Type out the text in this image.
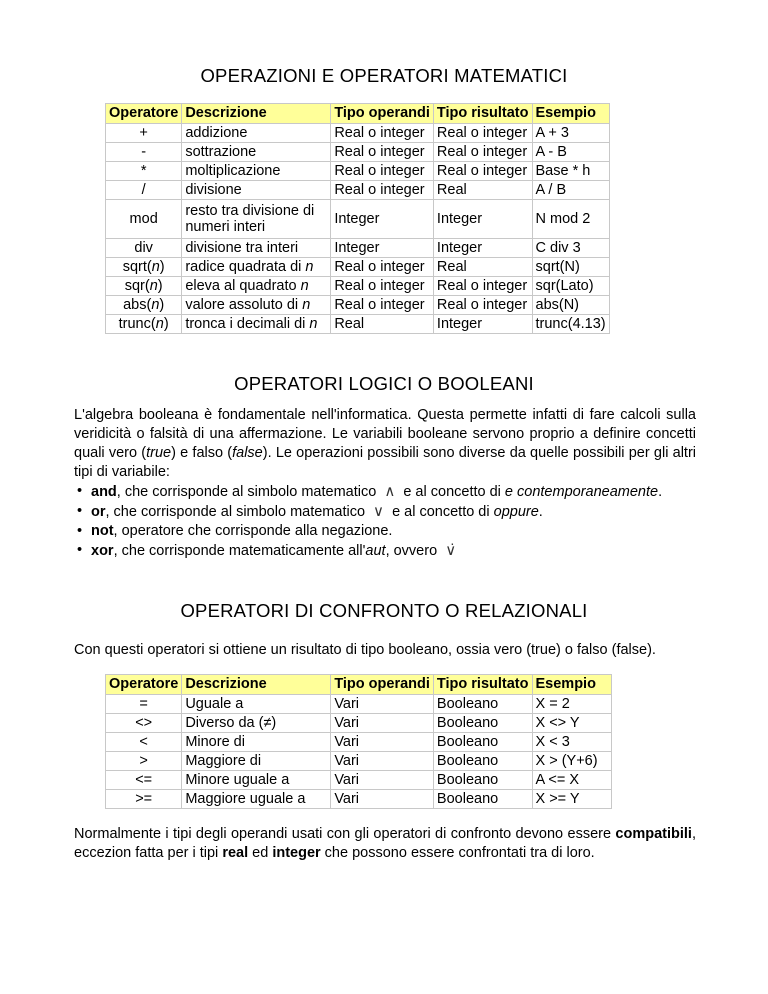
OPERAZIONI E OPERATORI MATEMATICI
Operatore	Descrizione	Tipo operandi	Tipo risultato	Esempio
+	addizione	Real o integer	Real o integer	A + 3
-	sottrazione	Real o integer	Real o integer	A - B
*	moltiplicazione	Real o integer	Real o integer	Base * h
/	divisione	Real o integer	Real	A / B
mod	resto tra divisione di numeri interi	Integer	Integer	N mod 2
div	divisione tra interi	Integer	Integer	C div 3
sqrt(n)	radice quadrata di n	Real o integer	Real	sqrt(N)
sqr(n)	eleva al quadrato n	Real o integer	Real o integer	sqr(Lato)
abs(n)	valore assoluto di n	Real o integer	Real o integer	abs(N)
trunc(n)	tronca i decimali di n	Real	Integer	trunc(4.13)
OPERATORI LOGICI O BOOLEANI

L'algebra booleana è fondamentale nell'informatica. Questa permette infatti di fare calcoli sulla veridicità o falsità di una affermazione. Le variabili booleane servono proprio a definire concetti quali vero (true) e falso (false). Le operazioni possibili sono diverse da quelle possibili per gli altri tipi di variabile:

• and, che corrisponde al simbolo matematico ∧ e al concetto di e contemporaneamente.
• or, che corrisponde al simbolo matematico ∨ e al concetto di oppure.
• not, operatore che corrisponde alla negazione.
• xor, che corrisponde matematicamente all'aut, ovvero ∨̇
OPERATORI DI CONFRONTO O RELAZIONALI

Con questi operatori si ottiene un risultato di tipo booleano, ossia vero (true) o falso (false).

Operatore	Descrizione	Tipo operandi	Tipo risultato	Esempio
=	Uguale a	Vari	Booleano	X = 2
<>	Diverso da (≠)	Vari	Booleano	X <> Y
<	Minore di	Vari	Booleano	X < 3
>	Maggiore di	Vari	Booleano	X > (Y+6)
<=	Minore uguale a	Vari	Booleano	A <= X
>=	Maggiore uguale a	Vari	Booleano	X >= Y

Normalmente i tipi degli operandi usati con gli operatori di confronto devono essere compatibili, eccezion fatta per i tipi real ed integer che possono essere confrontati tra di loro.
